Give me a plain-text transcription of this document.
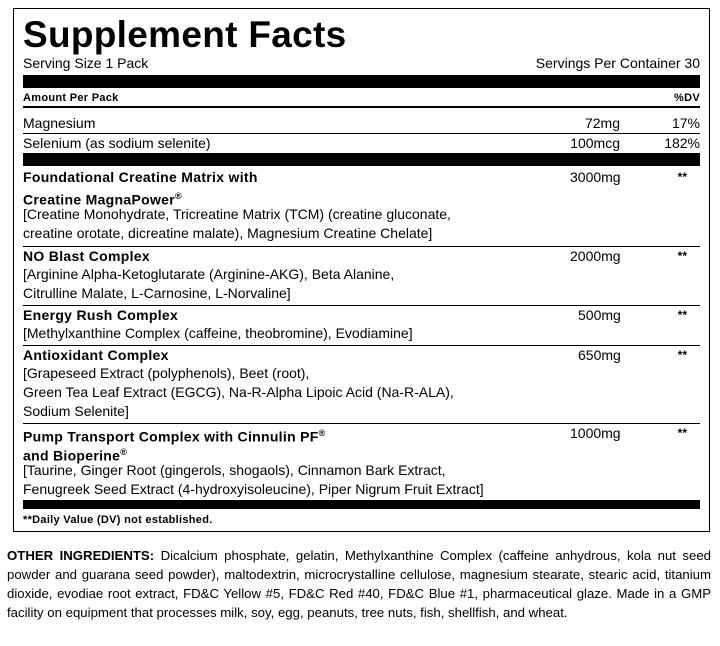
Supplement Facts
Serving Size 1 Pack	Servings Per Container 30
Amount Per Pack	%DV
Magnesium	72mg	17%
Selenium (as sodium selenite)	100mcg	182%
Foundational Creatine Matrix with
Creatine MagnaPower®
3000mg	**
[Creatine Monohydrate, Tricreatine Matrix (TCM) (creatine gluconate,
creatine orotate, dicreatine malate), Magnesium Creatine Chelate]
NO Blast Complex	2000mg	**
[Arginine Alpha-Ketoglutarate (Arginine-AKG), Beta Alanine,
Citrulline Malate, L-Carnosine, L-Norvaline]
Energy Rush Complex	500mg	**
[Methylxanthine Complex (caffeine, theobromine), Evodiamine]
Antioxidant Complex	650mg	**
[Grapeseed Extract (polyphenols), Beet (root),
Green Tea Leaf Extract (EGCG), Na-R-Alpha Lipoic Acid (Na-R-ALA),
Sodium Selenite]
Pump Transport Complex with Cinnulin PF®
and Bioperine®
1000mg	**
[Taurine, Ginger Root (gingerols, shogaols), Cinnamon Bark Extract,
Fenugreek Seed Extract (4-hydroxyisoleucine), Piper Nigrum Fruit Extract]
**Daily Value (DV) not established.
OTHER INGREDIENTS: Dicalcium phosphate, gelatin, Methylxanthine Complex (caffeine anhydrous, kola nut seed powder and guarana seed powder), maltodextrin, microcrystalline cellulose, magnesium stearate, stearic acid, titanium dioxide, evodiae root extract, FD&C Yellow #5, FD&C Red #40, FD&C Blue #1, pharmaceutical glaze. Made in a GMP facility on equipment that processes milk, soy, egg, peanuts, tree nuts, fish, shellfish, and wheat.
